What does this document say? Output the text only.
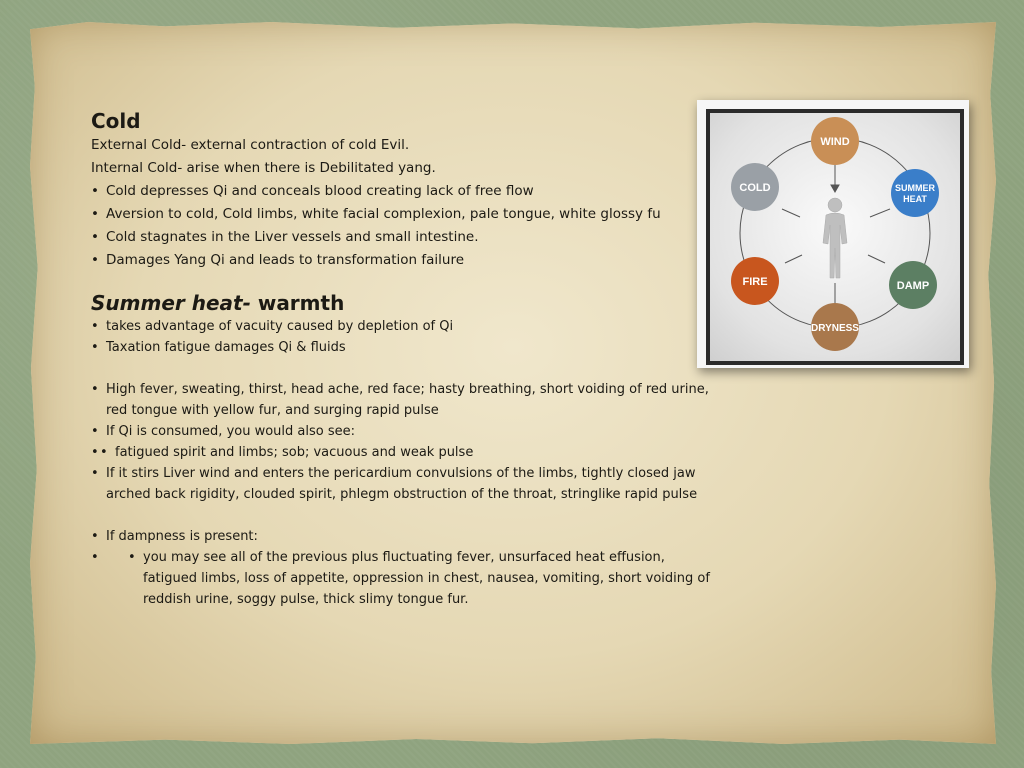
Cold

External Cold- external contraction of cold Evil.

Internal Cold- arise when there is Debilitated yang.

• Cold depresses Qi and conceals blood creating lack of free flow
• Aversion to cold, Cold limbs, white facial complexion, pale tongue, white glossy fu
• Cold stagnates in the Liver vessels and small intestine.
• Damages Yang Qi and leads to transformation failure
Summer heat- warmth
• takes advantage of vacuity caused by depletion of Qi
• Taxation fatigue damages Qi & fluids
• High fever, sweating, thirst, head ache, red face; hasty breathing, short voiding of red urine, red tongue with yellow fur, and surging rapid pulse
• If Qi is consumed, you would also see:
• • fatigued spirit and limbs; sob; vacuous and weak pulse
• If it stirs Liver wind and enters the pericardium convulsions of the limbs, tightly closed jaw arched back rigidity, clouded spirit, phlegm obstruction of the throat, stringlike rapid pulse
• If dampness is present:
• • you may see all of the previous plus fluctuating fever, unsurfaced heat effusion, fatigued limbs, loss of appetite, oppression in chest, nausea, vomiting, short voiding of reddish urine, soggy pulse, thick slimy tongue fur.
WIND
SUMMER
HEAT
DAMP
DRYNESS
FIRE
COLD
